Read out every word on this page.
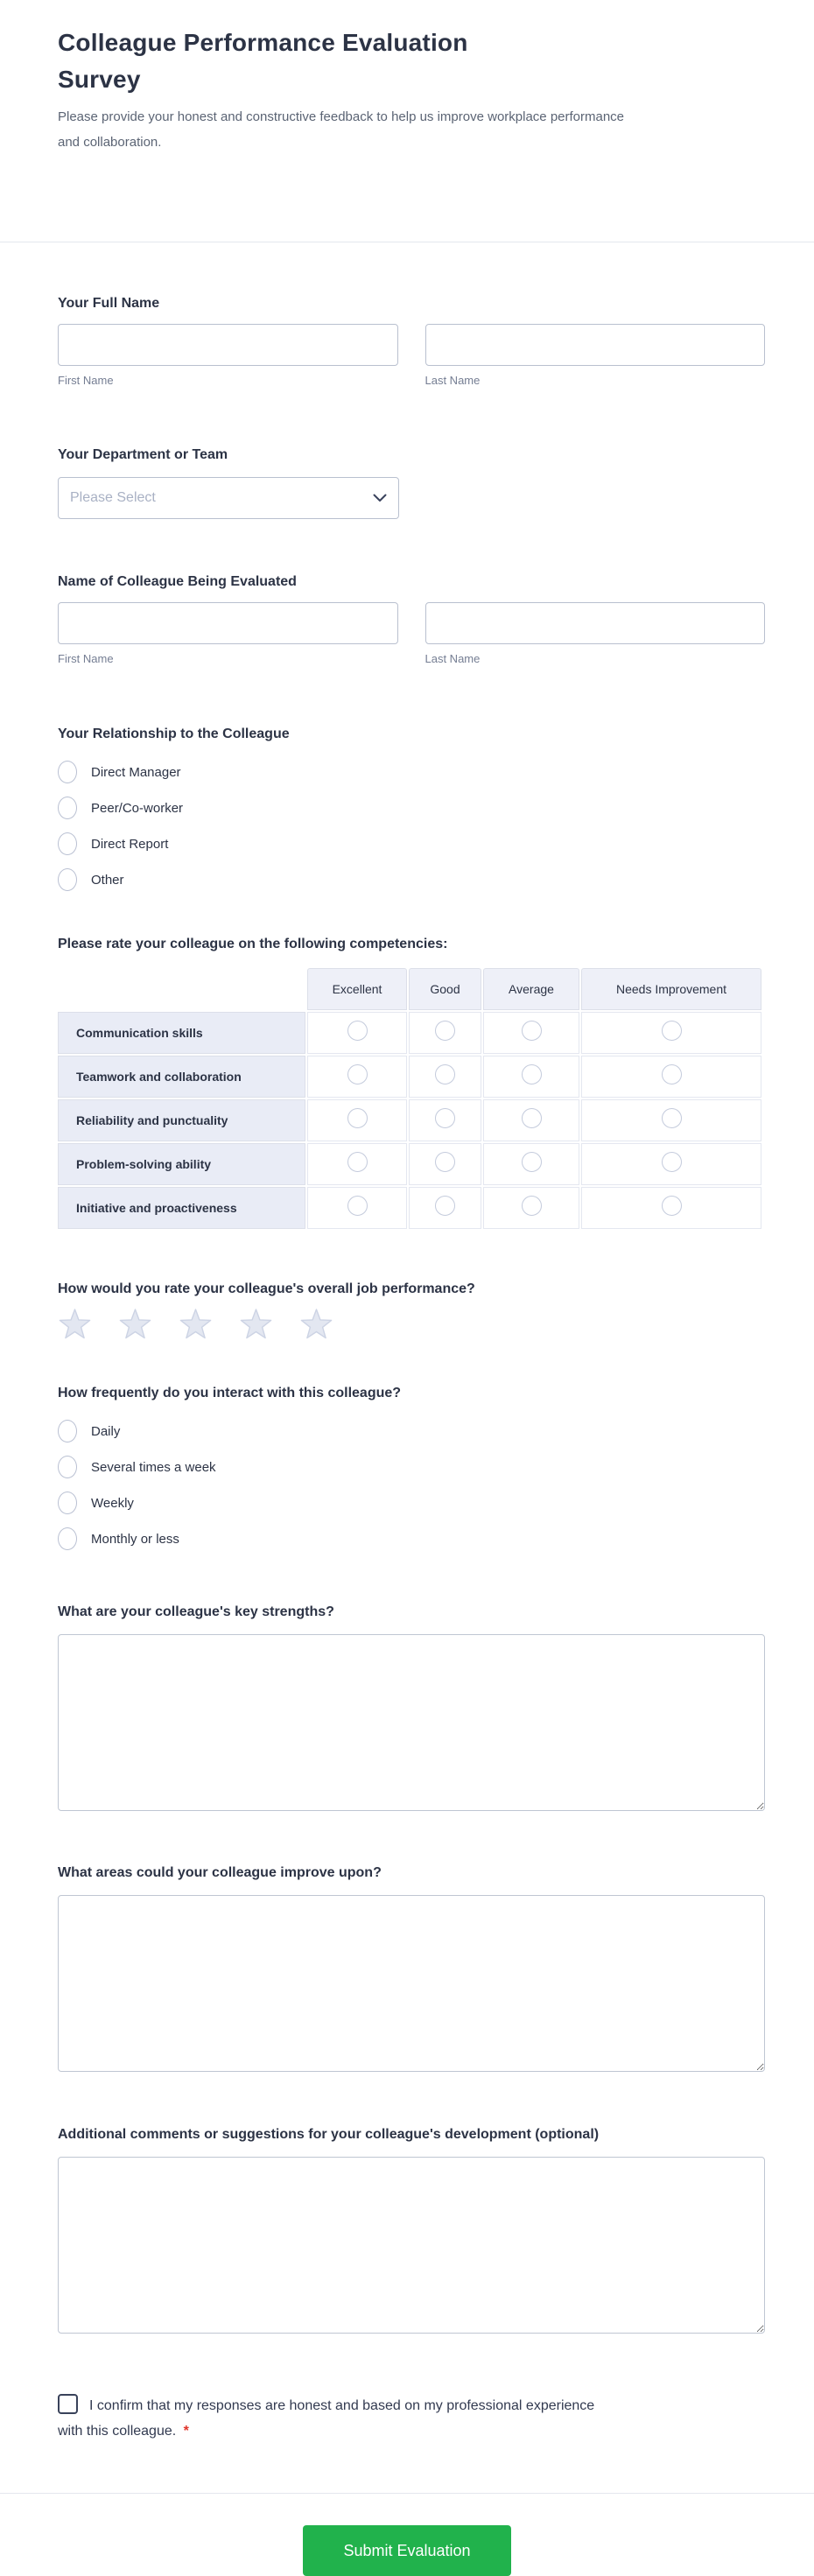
Colleague Performance Evaluation Survey

Please provide your honest and constructive feedback to help us improve workplace performance and collaboration.

Your Full Name
First Name	Last Name
Your Department or Team
Please Select
Name of Colleague Being Evaluated
First Name	Last Name
Your Relationship to the Colleague
Direct Manager
Peer/Co-worker
Direct Report
Other
Please rate your colleague on the following competencies:
	Excellent	Good	Average	Needs Improvement
Communication skills				
Teamwork and collaboration				
Reliability and punctuality				
Problem-solving ability				
Initiative and proactiveness				
How would you rate your colleague's overall job performance?
How frequently do you interact with this colleague?
Daily
Several times a week
Weekly
Monthly or less
What are your colleague's key strengths?
What areas could your colleague improve upon?
Additional comments or suggestions for your colleague's development (optional)
I confirm that my responses are honest and based on my professional experience with this colleague. *
Submit Evaluation
